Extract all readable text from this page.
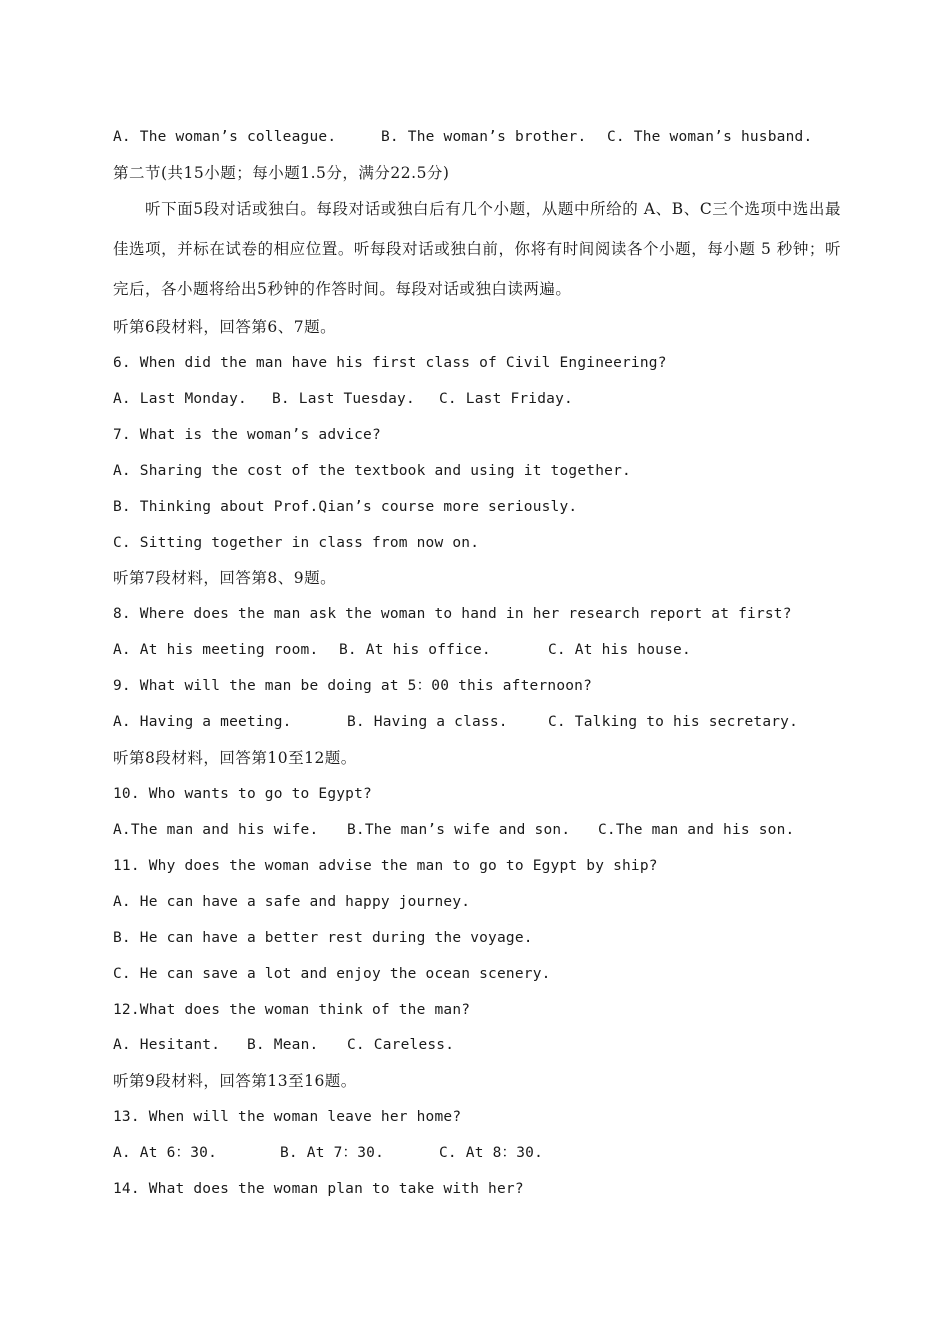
A. The woman’s colleague.	B. The woman’s brother. C. The woman’s husband.
第二节(共15小题；每小题1.5分，满分22.5分)
听下面5段对话或独白。每段对话或独白后有几个小题，从题中所给的 A、B、C三个选项中选出最佳选项，并标在试卷的相应位置。听每段对话或独白前，你将有时间阅读各个小题，每小题 5 秒钟；听完后，各小题将给出5秒钟的作答时间。每段对话或独白读两遍。
听第6段材料，回答第6、7题。
6. When did the man have his first class of Civil Engineering?
A. Last Monday. B. Last Tuesday. C. Last Friday.
7. What is the woman’s advice?
A. Sharing the cost of the textbook and using it together.
B. Thinking about Prof.Qian’s course more seriously.
C. Sitting together in class from now on.
听第7段材料，回答第8、9题。
8. Where does the man ask the woman to hand in her research report at first?
A. At his meeting room. B. At his office.	C. At his house.
9. What will the man be doing at 5：00 this afternoon?
A. Having a meeting.	B. Having a class.	C. Talking to his secretary.
听第8段材料，回答第10至12题。
10. Who wants to go to Egypt?
A.The man and his wife. B.The man’s wife and son. C.The man and his son.
11. Why does the woman advise the man to go to Egypt by ship?
A. He can have a safe and happy journey.
B. He can have a better rest during the voyage.
C. He can save a lot and enjoy the ocean scenery.
12.What does the woman think of the man?
A. Hesitant. B. Mean. C. Careless.
听第9段材料，回答第13至16题。
13. When will the woman leave her home?
A. At 6：30.	B. At 7：30.	C. At 8：30.
14. What does the woman plan to take with her?
